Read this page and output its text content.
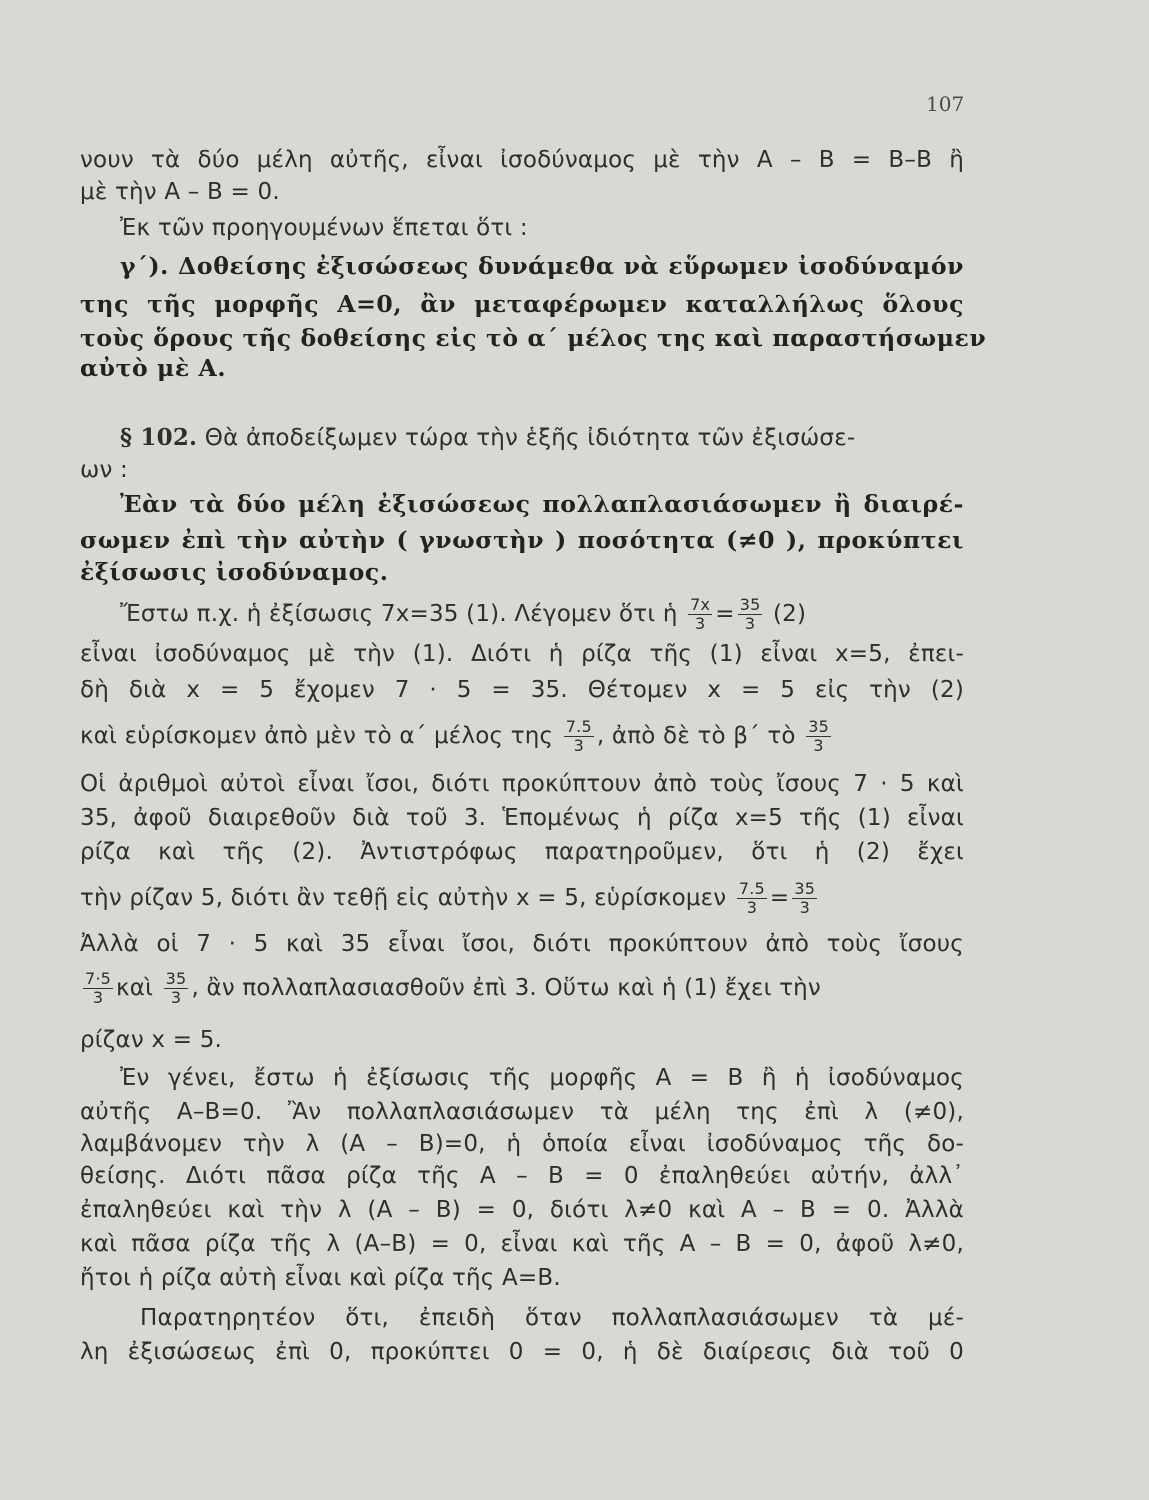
107
νουν τὰ δύο μέλη αὐτῆς, εἶναι ἰσοδύναμος μὲ τὴν Α – Β = Β–Β ἢ
μὲ τὴν Α – Β = 0.
Ἐκ τῶν προηγουμένων ἕπεται ὅτι :
γ΄). Δοθείσης ἐξισώσεως δυνάμεθα νὰ εὕρωμεν ἰσοδύναμόν
της τῆς μορφῆς Α=0, ἂν μεταφέρωμεν καταλλήλως ὅλους
τοὺς ὅρους τῆς δοθείσης εἰς τὸ α΄ μέλος της καὶ παραστήσωμεν
αὐτὸ μὲ Α.
§ 102. Θὰ ἀποδείξωμεν τώρα τὴν ἑξῆς ἰδιότητα τῶν ἐξισώσε-
ων :
Ἐὰν τὰ δύο μέλη ἐξισώσεως πολλαπλασιάσωμεν ἢ διαιρέ-
σωμεν ἐπὶ τὴν αὐτὴν ( γνωστὴν ) ποσότητα (≠0 ), προκύπτει
ἐξίσωσις ἰσοδύναμος.
Ἔστω π.χ. ἡ ἐξίσωσις 7x=35 (1). Λέγομεν ὅτι ἡ $\frac{7x}{3} = \frac{35}{3} (2)$
εἶναι ἰσοδύναμος μὲ τὴν (1). Διότι ἡ ρίζα τῆς (1) εἶναι x=5, ἐπει-
δὴ διὰ x = 5 ἔχομεν 7 · 5 = 35. Θέτομεν x = 5 εἰς τὴν (2)
καὶ εὑρίσκομεν ἀπὸ μὲν τὸ α΄ μέλος της $\frac{7.5}{3}$ , ἀπὸ δὲ τὸ β΄ τὸ $\frac{35}{3}$
Οἱ ἀριθμοὶ αὐτοὶ εἶναι ἴσοι, διότι προκύπτουν ἀπὸ τοὺς ἴσους 7 · 5 καὶ
35, ἀφοῦ διαιρεθοῦν διὰ τοῦ 3. Ἑπομένως ἡ ρίζα x=5 τῆς (1) εἶναι
ρίζα καὶ τῆς (2). Ἀντιστρόφως παρατηροῦμεν, ὅτι ἡ (2) ἔχει
τὴν ρίζαν 5, διότι ἂν τεθῇ εἰς αὐτὴν x = 5, εὑρίσκομεν $\frac{7.5}{3} = \frac{35}{3}$
Ἀλλὰ οἱ 7 · 5 καὶ 35 εἶναι ἴσοι, διότι προκύπτουν ἀπὸ τοὺς ἴσους
$\frac{7\cdot 5}{3}$ καὶ $\frac{35}{3}$ , ἂν πολλαπλασιασθοῦν ἐπὶ 3. Οὕτω καὶ ἡ (1) ἔχει τὴν
ρίζαν x = 5.
Ἐν γένει, ἔστω ἡ ἐξίσωσις τῆς μορφῆς Α = Β ἢ ἡ ἰσοδύναμος
αὐτῆς Α–Β=0. Ἂν πολλαπλασιάσωμεν τὰ μέλη της ἐπὶ λ (≠0),
λαμβάνομεν τὴν λ (Α – Β)=0, ἡ ὁποία εἶναι ἰσοδύναμος τῆς δο-
θείσης. Διότι πᾶσα ρίζα τῆς Α – Β = 0 ἐπαληθεύει αὐτήν, ἀλλ᾽
ἐπαληθεύει καὶ τὴν λ (Α – Β) = 0, διότι λ≠0 καὶ Α – Β = 0. Ἀλλὰ
καὶ πᾶσα ρίζα τῆς λ (Α–Β) = 0, εἶναι καὶ τῆς Α – Β = 0, ἀφοῦ λ≠0,
ἤτοι ἡ ρίζα αὐτὴ εἶναι καὶ ρίζα τῆς Α=Β.
Παρατηρητέον ὅτι, ἐπειδὴ ὅταν πολλαπλασιάσωμεν τὰ μέ-
λη ἐξισώσεως ἐπὶ 0, προκύπτει 0 = 0, ἡ δὲ διαίρεσις διὰ τοῦ 0
